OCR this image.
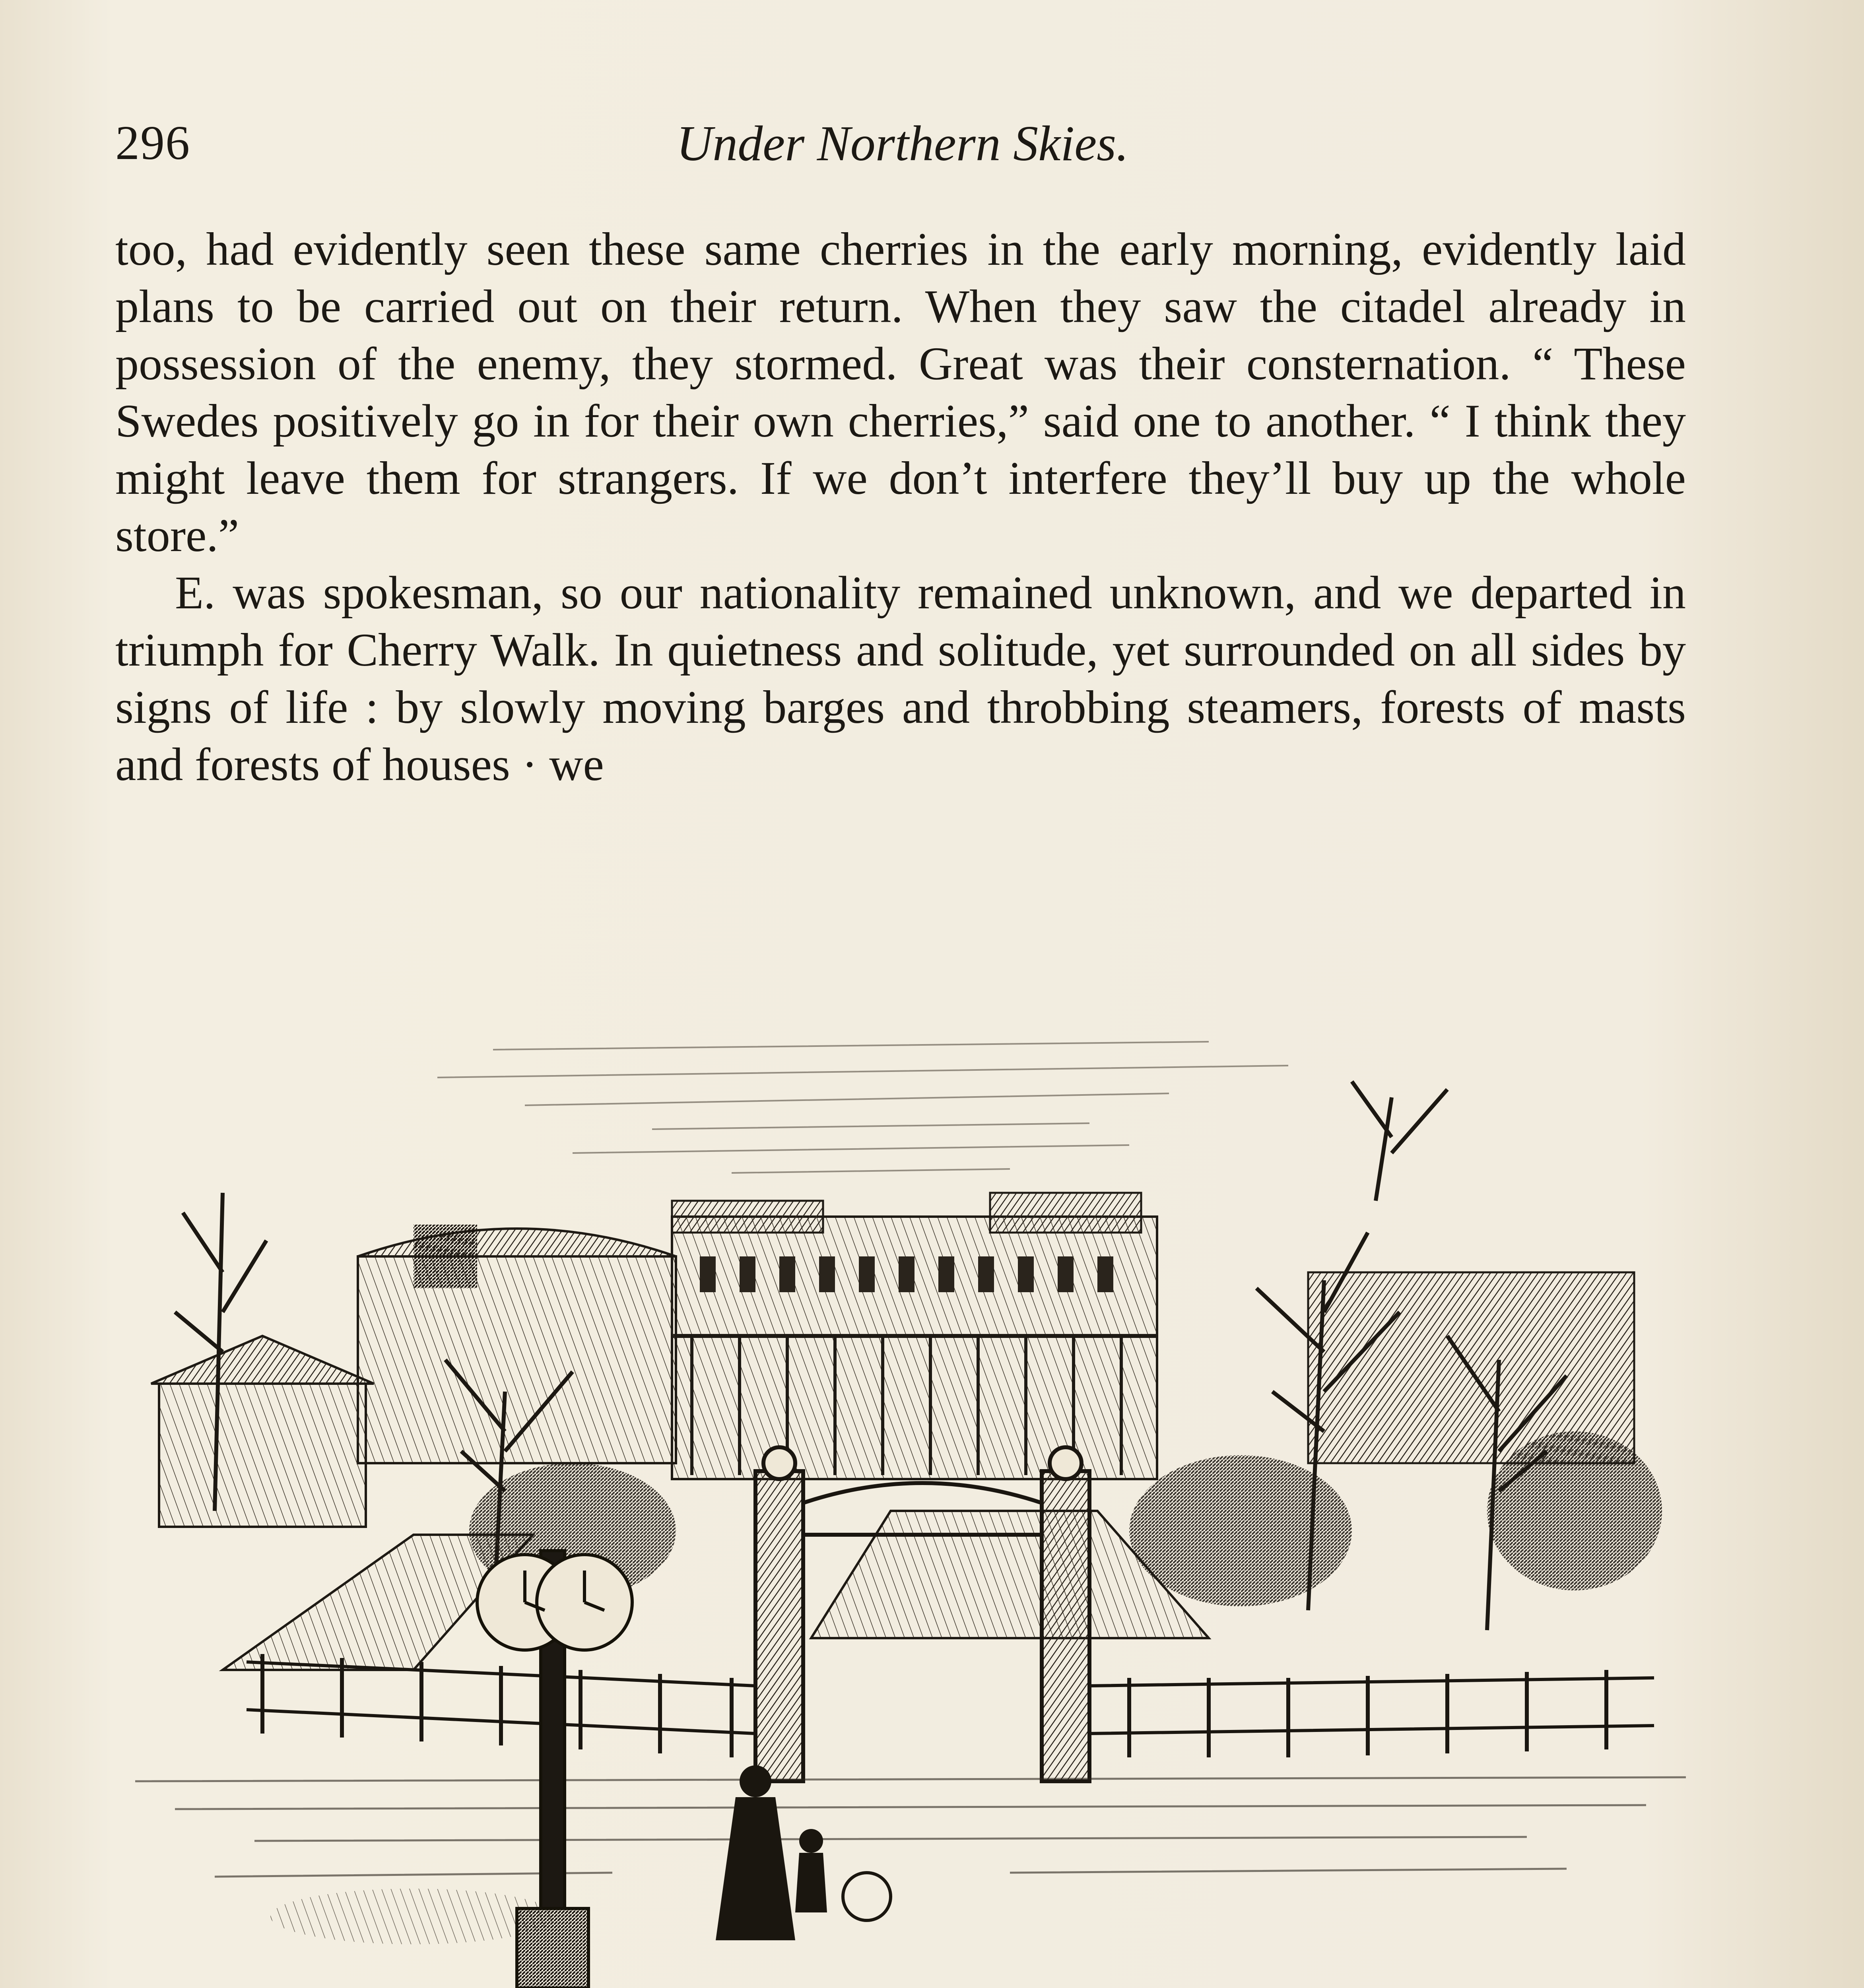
296	Under Northern Skies.

too, had evidently seen these same cherries in the early morning, evidently laid plans to be carried out on their return. When they saw the citadel already in possession of the enemy, they stormed. Great was their consternation. “ These Swedes positively go in for their own cherries,” said one to another. “ I think they might leave them for strangers. If we don’t interfere they’ll buy up the whole store.”

E. was spokesman, so our nationality remained unknown, and we departed in triumph for Cherry Walk. In quietness and solitude, yet surrounded on all sides by signs of life : by slowly moving barges and throbbing steamers, forests of masts and forests of houses · we
